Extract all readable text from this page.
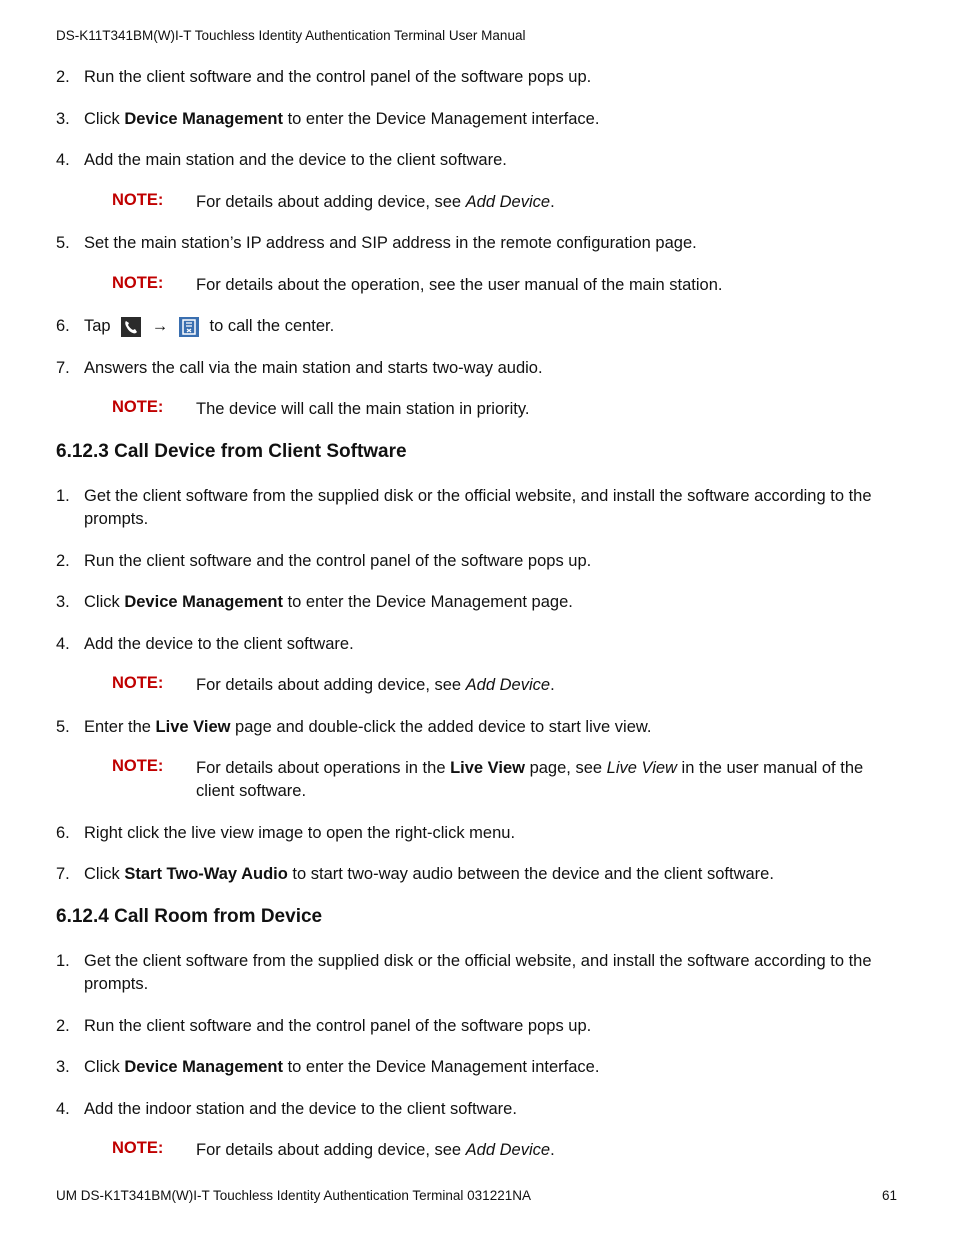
DS-K11T341BM(W)I-T Touchless Identity Authentication Terminal User Manual
2. Run the client software and the control panel of the software pops up.
3. Click Device Management to enter the Device Management interface.
4. Add the main station and the device to the client software.
NOTE: For details about adding device, see Add Device.
5. Set the main station’s IP address and SIP address in the remote configuration page.
NOTE: For details about the operation, see the user manual of the main station.
6. Tap → to call the center.
7. Answers the call via the main station and starts two-way audio.
NOTE: The device will call the main station in priority.
6.12.3 Call Device from Client Software
1. Get the client software from the supplied disk or the official website, and install the software according to the prompts.
2. Run the client software and the control panel of the software pops up.
3. Click Device Management to enter the Device Management page.
4. Add the device to the client software.
NOTE: For details about adding device, see Add Device.
5. Enter the Live View page and double-click the added device to start live view.
NOTE: For details about operations in the Live View page, see Live View in the user manual of the client software.
6. Right click the live view image to open the right-click menu.
7. Click Start Two-Way Audio to start two-way audio between the device and the client software.
6.12.4 Call Room from Device
1. Get the client software from the supplied disk or the official website, and install the software according to the prompts.
2. Run the client software and the control panel of the software pops up.
3. Click Device Management to enter the Device Management interface.
4. Add the indoor station and the device to the client software.
NOTE: For details about adding device, see Add Device.
UM DS-K1T341BM(W)I-T Touchless Identity Authentication Terminal 031221NA	61
